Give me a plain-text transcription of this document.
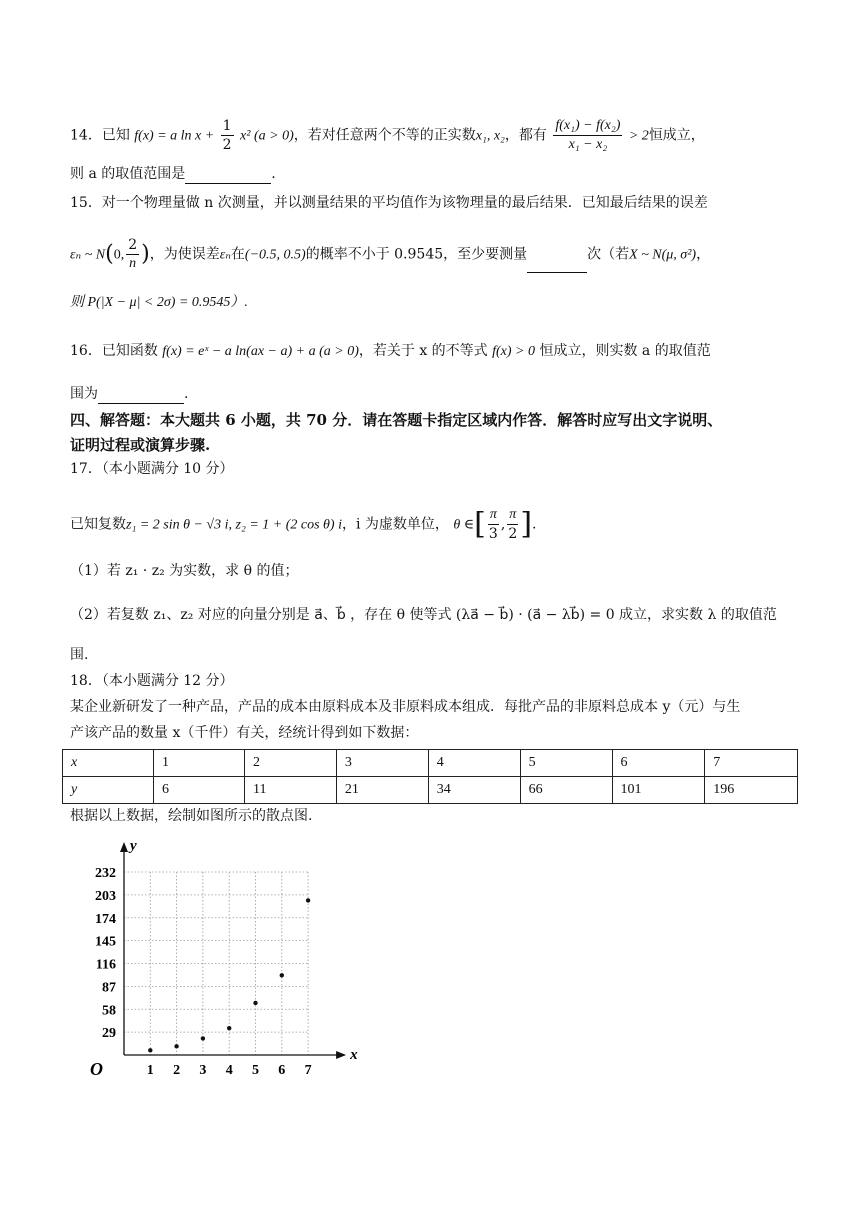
14．已知 f(x) = a $\ln x + \frac{1}{2} x^2$ (a > 0)，若对任意两个不等的正实数x₁, x₂，都有 $\frac{\text{f(x₁) − f(x₂)}}{\text{x₁ − x₂}} > 2$恒成立，
则 a 的取值范围是	.
15．对一个物理量做 n 次测量，并以测量结果的平均值作为该物理量的最后结果．已知最后结果的误差
εₙ ~ N(0, $\frac{2}{n}$ )，为使误差εₙ在(−0.5, 0.5)的概率不小于 0.9545，至少要测量	次（若X ~ N(μ, σ²)，
则 P(|X − μ| < 2σ) = 0.9545）.
16．已知函数 f(x) = eˣ − a ln(ax − a) + a (a > 0)，若关于 x 的不等式 f(x) > 0 恒成立，则实数 a 的取值范
围为	.
四、解答题：本大题共 6 小题，共 70 分．请在答题卡指定区域内作答．解答时应写出文字说明、
证明过程或演算步骤.
17．（本小题满分 10 分）
已知复数z₁ = 2 sin θ − √3 i, z₂ = 1 + (2 cos θ) i，i 为虚数单位， θ ∈[ $\frac{\pi}{3}$ , $\frac{\pi}{2}$ ].
（1）若 z₁ · z₂ 为实数，求 θ 的值；
（2）若复数 z₁、z₂ 对应的向量分别是 a⃗、b⃗ ，存在 θ 使等式 (λa⃗ − b⃗) · (a⃗ − λb⃗) = 0 成立，求实数 λ 的取值范
围.
18．（本小题满分 12 分）
某企业新研发了一种产品，产品的成本由原料成本及非原料成本组成．每批产品的非原料总成本 y（元）与生
产该产品的数量 x（千件）有关，经统计得到如下数据：
x	1	2	3	4	5	6	7
y	6	11	21	34	66	101	196
根据以上数据，绘制如图所示的散点图.
x
y
O	1 2 3 4 5 6 7
29
58
87
116
145
174
203
232
